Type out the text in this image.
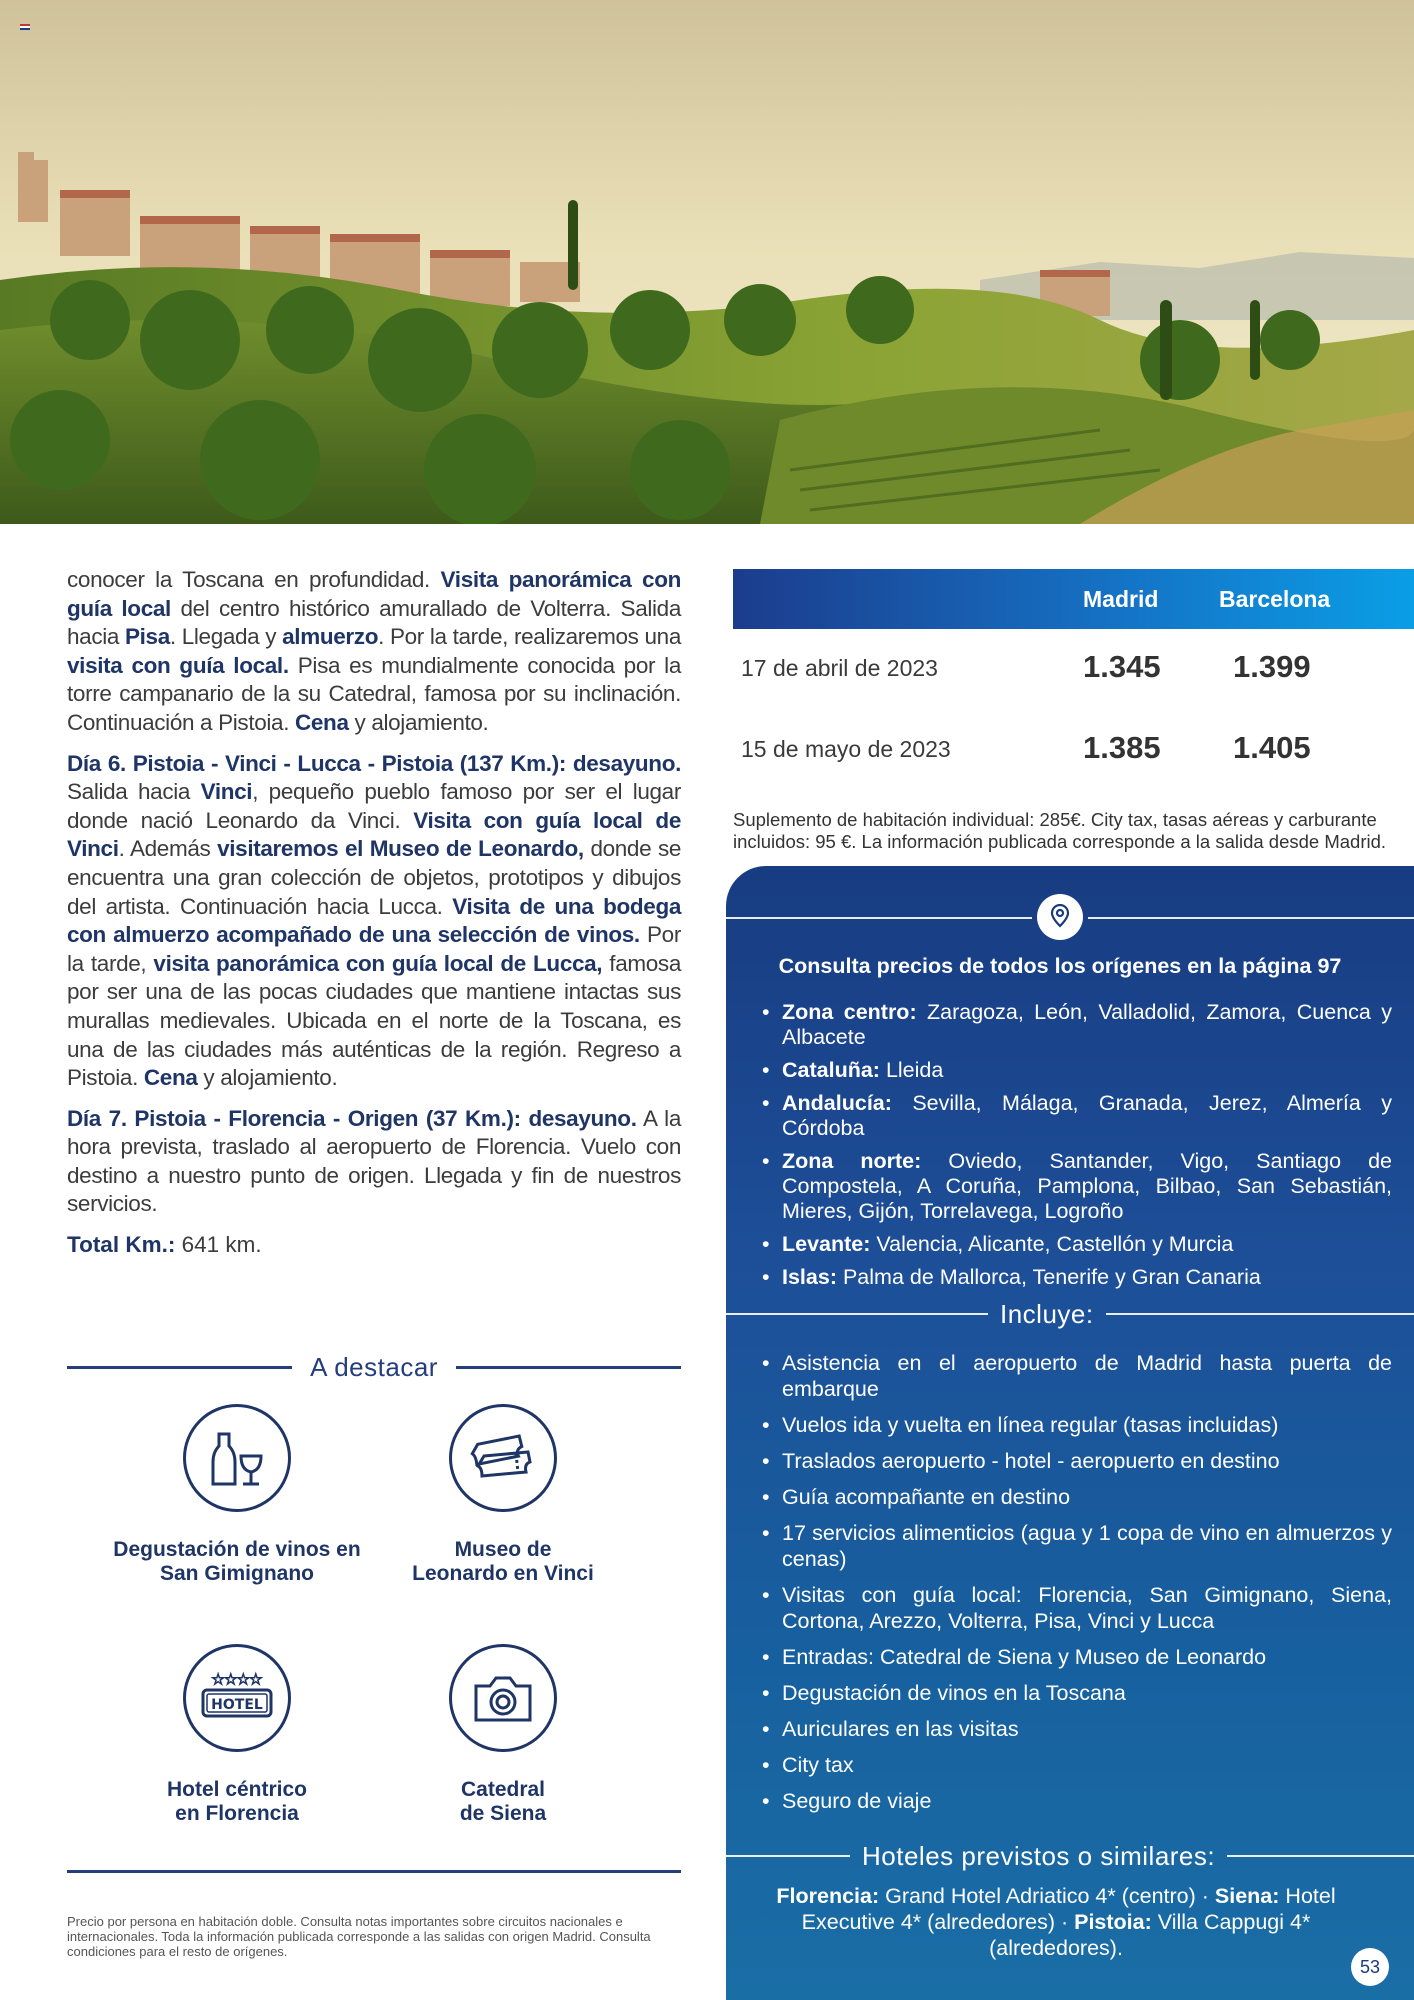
conocer la Toscana en profundidad. Visita panorámica con guía local del centro histórico amurallado de Volterra. Salida hacia Pisa. Llegada y almuerzo. Por la tarde, realizaremos una visita con guía local. Pisa es mundialmente conocida por la torre campanario de la su Catedral, famosa por su inclinación. Continuación a Pistoia. Cena y alojamiento.

Día 6. Pistoia - Vinci - Lucca - Pistoia (137 Km.): desayuno. Salida hacia Vinci, pequeño pueblo famoso por ser el lugar donde nació Leonardo da Vinci. Visita con guía local de Vinci. Además visitaremos el Museo de Leonardo, donde se encuentra una gran colección de objetos, prototipos y dibujos del artista. Continuación hacia Lucca. Visita de una bodega con almuerzo acompañado de una selección de vinos. Por la tarde, visita panorámica con guía local de Lucca, famosa por ser una de las pocas ciudades que mantiene intactas sus murallas medievales. Ubicada en el norte de la Toscana, es una de las ciudades más auténticas de la región. Regreso a Pistoia. Cena y alojamiento.

Día 7. Pistoia - Florencia - Origen (37 Km.): desayuno. A la hora prevista, traslado al aeropuerto de Florencia. Vuelo con destino a nuestro punto de origen. Llegada y fin de nuestros servicios.

Total Km.: 641 km.

A destacar
Degustación de vinos en
San Gimignano
Museo de
Leonardo en Vinci
★★★★
HOTEL
Hotel céntrico
en Florencia
Catedral
de Siena
Precio por persona en habitación doble. Consulta notas importantes sobre circuitos nacionales e internacionales. Toda la información publicada corresponde a las salidas con origen Madrid. Consulta condiciones para el resto de orígenes.
Madrid	Barcelona
17 de abril de 2023	1.345 1.399
15 de mayo de 2023	1.385 1.405

Suplemento de habitación individual: 285€. City tax, tasas aéreas y carburante incluidos: 95 €. La información publicada corresponde a la salida desde Madrid.

Consulta precios de todos los orígenes en la página 97
• Zona centro: Zaragoza, León, Valladolid, Zamora, Cuenca y Albacete
• Cataluña: Lleida
• Andalucía: Sevilla, Málaga, Granada, Jerez, Almería y Córdoba
• Zona norte: Oviedo, Santander, Vigo, Santiago de Compostela, A Coruña, Pamplona, Bilbao, San Sebastián, Mieres, Gijón, Torrelavega, Logroño
• Levante: Valencia, Alicante, Castellón y Murcia
• Islas: Palma de Mallorca, Tenerife y Gran Canaria
Incluye:
• Asistencia en el aeropuerto de Madrid hasta puerta de embarque
• Vuelos ida y vuelta en línea regular (tasas incluidas)
• Traslados aeropuerto - hotel - aeropuerto en destino
• Guía acompañante en destino
• 17 servicios alimenticios (agua y 1 copa de vino en almuerzos y cenas)
• Visitas con guía local: Florencia, San Gimignano, Siena, Cortona, Arezzo, Volterra, Pisa, Vinci y Lucca
• Entradas: Catedral de Siena y Museo de Leonardo
• Degustación de vinos en la Toscana
• Auriculares en las visitas
• City tax
• Seguro de viaje
Hoteles previstos o similares:
Florencia: Grand Hotel Adriatico 4* (centro) · Siena: Hotel Executive 4* (alrededores) · Pistoia: Villa Cappugi 4* (alrededores).
53
